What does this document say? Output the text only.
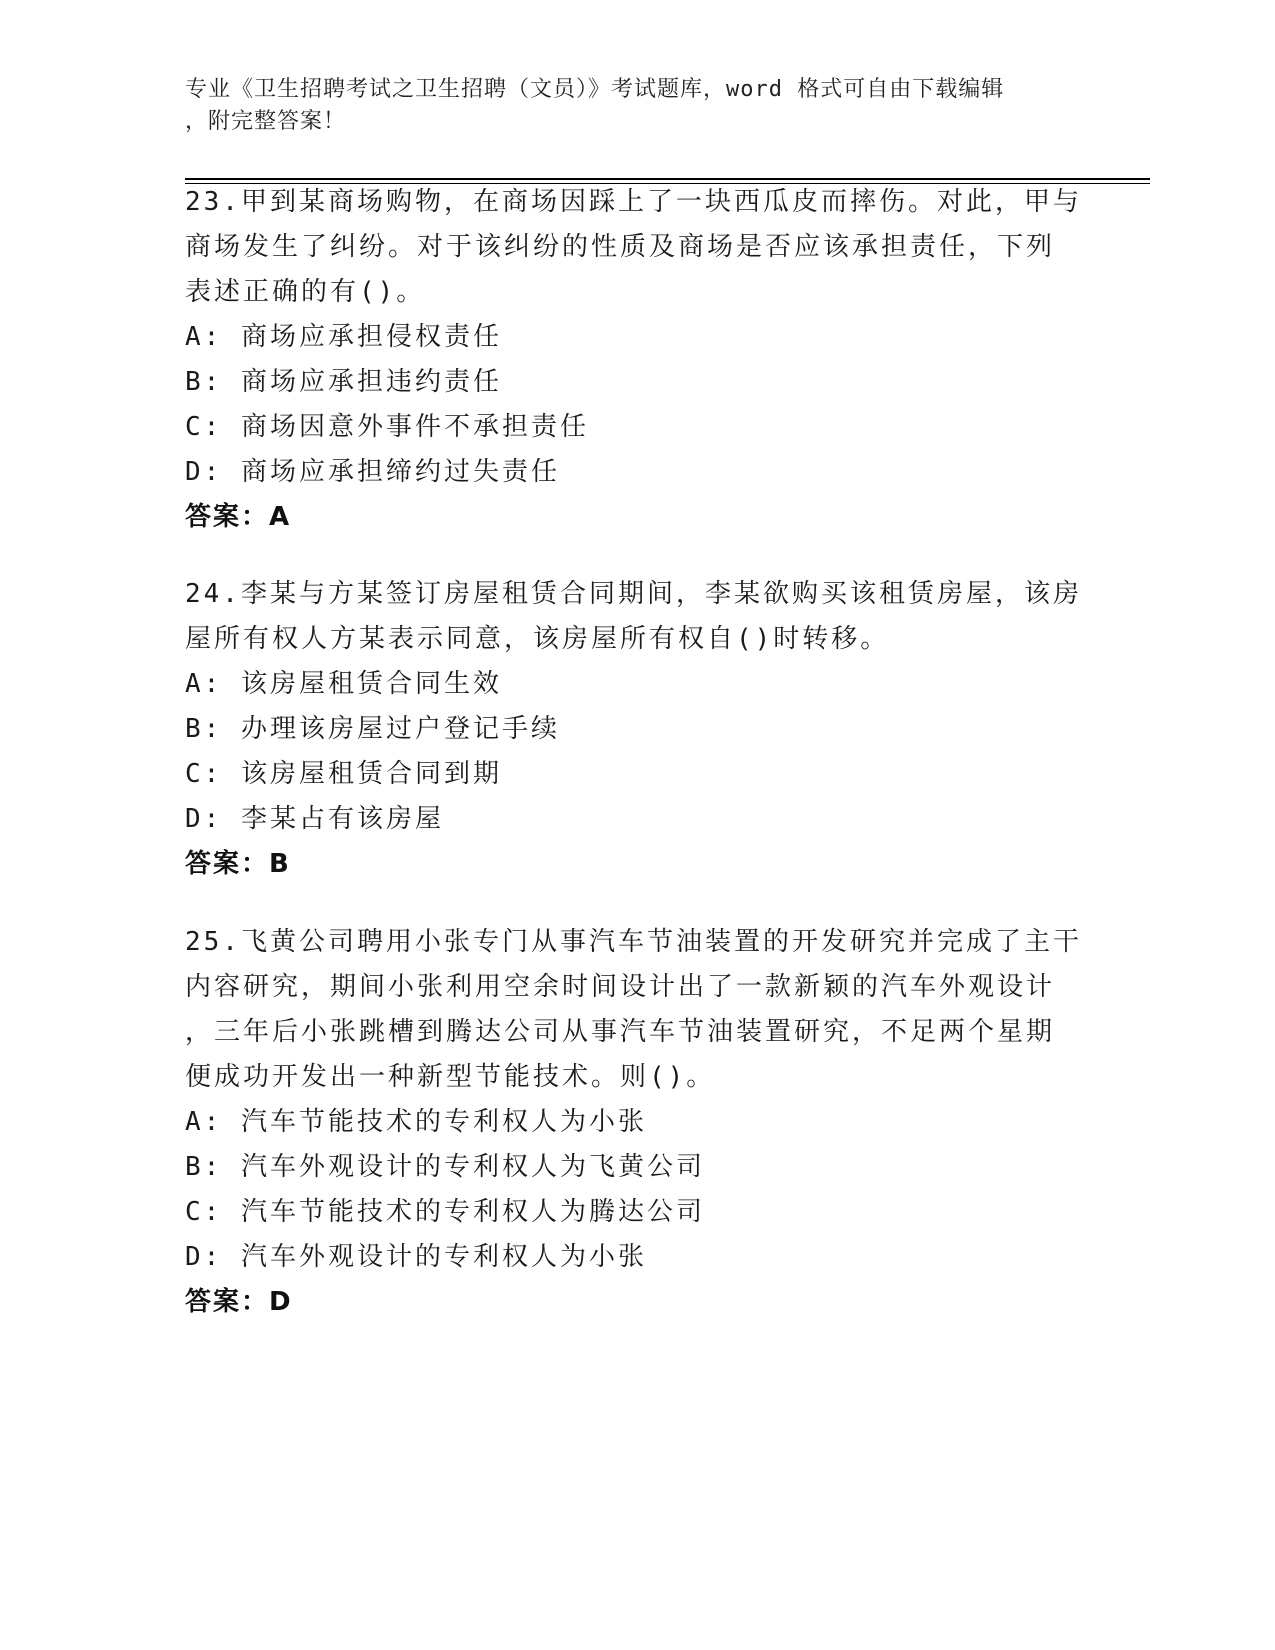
专业《卫生招聘考试之卫生招聘（文员）》考试题库，word 格式可自由下载编辑
，附完整答案！
23.甲到某商场购物，在商场因踩上了一块西瓜皮而摔伤。对此，甲与
商场发生了纠纷。对于该纠纷的性质及商场是否应该承担责任，下列
表述正确的有()。
A: 商场应承担侵权责任
B: 商场应承担违约责任
C: 商场因意外事件不承担责任
D: 商场应承担缔约过失责任
答案：A
24.李某与方某签订房屋租赁合同期间，李某欲购买该租赁房屋，该房
屋所有权人方某表示同意，该房屋所有权自()时转移。
A: 该房屋租赁合同生效
B: 办理该房屋过户登记手续
C: 该房屋租赁合同到期
D: 李某占有该房屋
答案：B
25.飞黄公司聘用小张专门从事汽车节油装置的开发研究并完成了主干
内容研究，期间小张利用空余时间设计出了一款新颖的汽车外观设计
，三年后小张跳槽到腾达公司从事汽车节油装置研究，不足两个星期
便成功开发出一种新型节能技术。则()。
A: 汽车节能技术的专利权人为小张
B: 汽车外观设计的专利权人为飞黄公司
C: 汽车节能技术的专利权人为腾达公司
D: 汽车外观设计的专利权人为小张
答案：D
